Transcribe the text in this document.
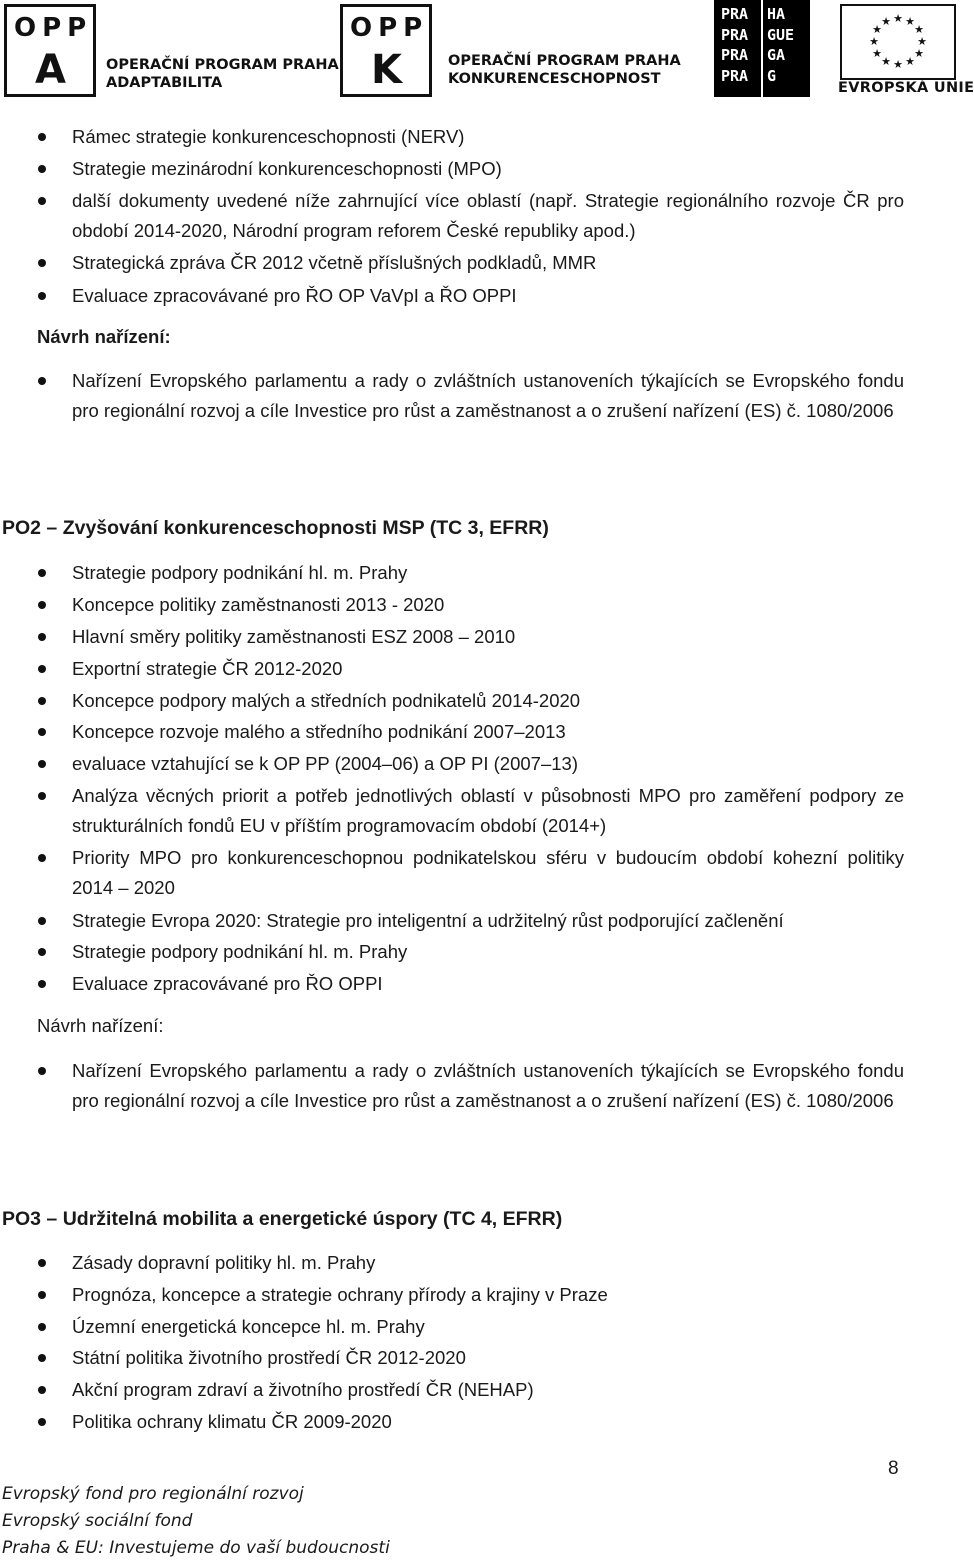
OPP
A	OPERAČNÍ PROGRAM PRAHA
ADAPTABILITA
OPP
K	OPERAČNÍ PROGRAM PRAHA
KONKURENCESCHOPNOST
PRA
PRA
PRA
PRA
HA
GUE
GA
G
★ ★
★
★
★
★
★
★
★
★
★
★
EVROPSKÁ UNIE
Rámec strategie konkurenceschopnosti (NERV)
Strategie mezinárodní konkurenceschopnosti (MPO)
další dokumenty uvedené níže zahrnující více oblastí (např. Strategie regionálního rozvoje ČR pro období 2014-2020, Národní program reforem České republiky apod.)
Strategická zpráva ČR 2012 včetně příslušných podkladů, MMR
Evaluace zpracovávané pro ŘO OP VaVpI a ŘO OPPI
Návrh nařízení:
Nařízení Evropského parlamentu a rady o zvláštních ustanoveních týkajících se Evropského fondu pro regionální rozvoj a cíle Investice pro růst a zaměstnanost a o zrušení nařízení (ES) č. 1080/2006
PO2 – Zvyšování konkurenceschopnosti MSP (TC 3, EFRR)
Strategie podpory podnikání hl. m. Prahy
Koncepce politiky zaměstnanosti 2013 - 2020
Hlavní směry politiky zaměstnanosti ESZ 2008 – 2010
Exportní strategie ČR 2012-2020
Koncepce podpory malých a středních podnikatelů 2014-2020
Koncepce rozvoje malého a středního podnikání 2007–2013
evaluace vztahující se k OP PP (2004–06) a OP PI (2007–13)
Analýza věcných priorit a potřeb jednotlivých oblastí v působnosti MPO pro zaměření podpory ze strukturálních fondů EU v příštím programovacím období (2014+)
Priority MPO pro konkurenceschopnou podnikatelskou sféru v budoucím období kohezní politiky 2014 – 2020
Strategie Evropa 2020: Strategie pro inteligentní a udržitelný růst podporující začlenění
Strategie podpory podnikání hl. m. Prahy
Evaluace zpracovávané pro ŘO OPPI
Návrh nařízení:
Nařízení Evropského parlamentu a rady o zvláštních ustanoveních týkajících se Evropského fondu pro regionální rozvoj a cíle Investice pro růst a zaměstnanost a o zrušení nařízení (ES) č. 1080/2006
PO3 – Udržitelná mobilita a energetické úspory (TC 4, EFRR)
Zásady dopravní politiky hl. m. Prahy
Prognóza, koncepce a strategie ochrany přírody a krajiny v Praze
Územní energetická koncepce hl. m. Prahy
Státní politika životního prostředí ČR 2012-2020
Akční program zdraví a životního prostředí ČR (NEHAP)
Politika ochrany klimatu ČR 2009-2020
8
Evropský fond pro regionální rozvoj
Evropský sociální fond
Praha & EU: Investujeme do vaší budoucnosti
